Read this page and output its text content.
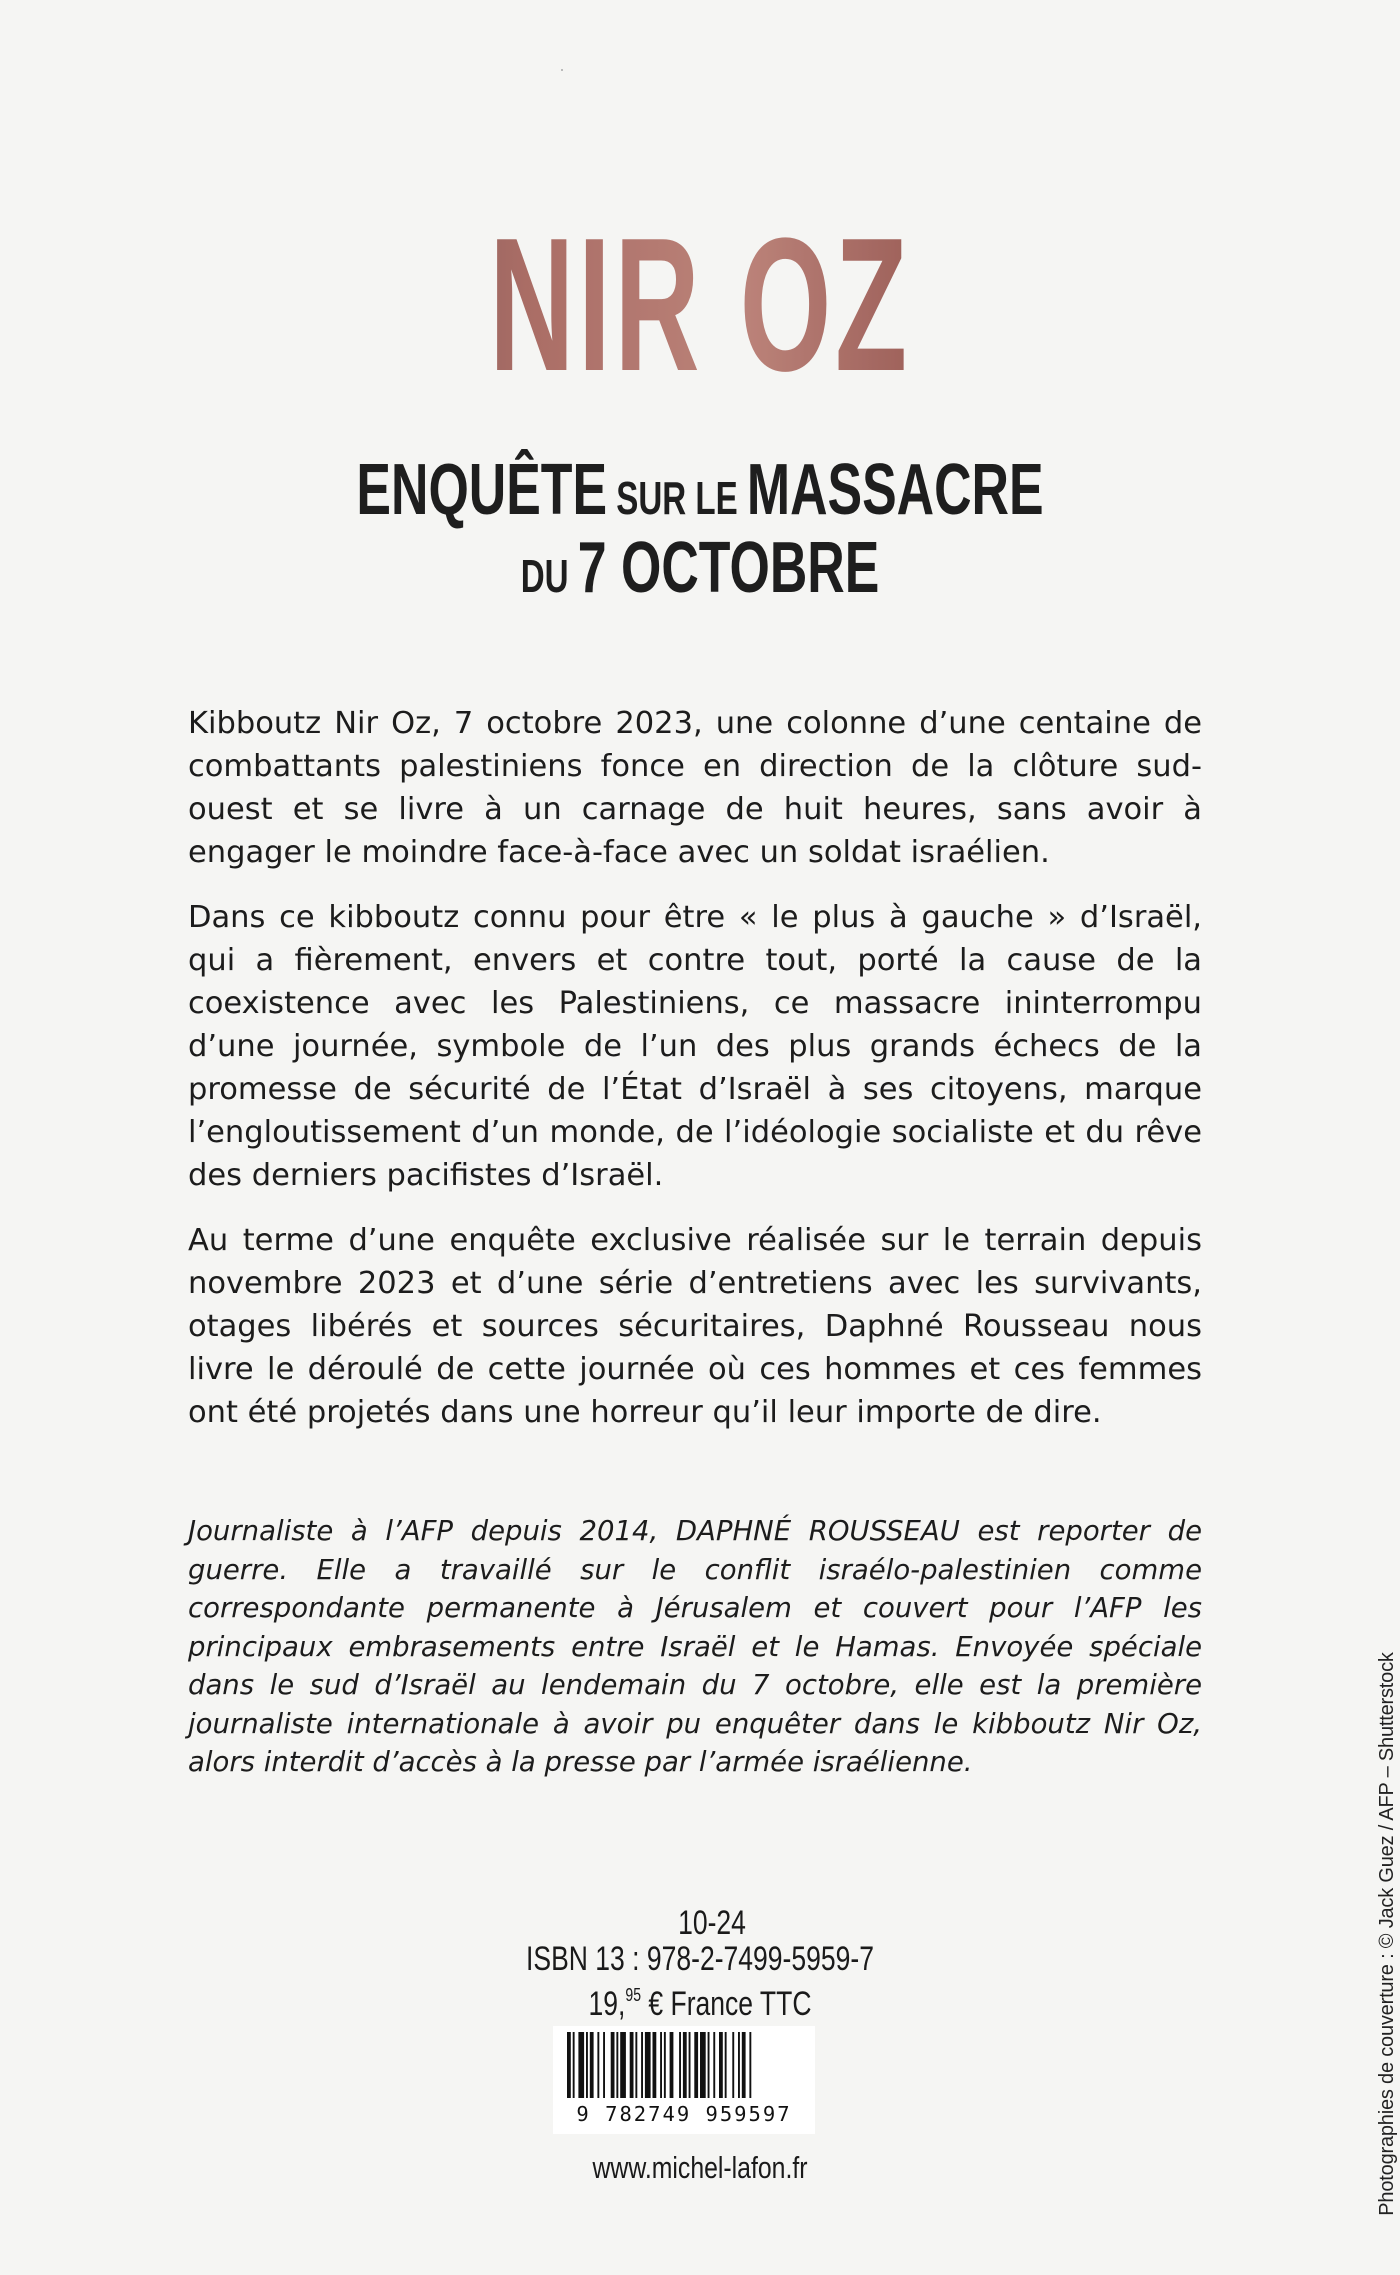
NIR OZ
ENQUÊTE SUR LE MASSACRE
DU 7 OCTOBRE

Kibboutz Nir Oz, 7 octobre 2023, une colonne d’une centaine de combattants palestiniens fonce en direction de la clôture sud-ouest et se livre à un carnage de huit heures, sans avoir à engager le moindre face-à-face avec un soldat israélien.

Dans ce kibboutz connu pour être « le plus à gauche » d’Israël, qui a fièrement, envers et contre tout, porté la cause de la coexistence avec les Palestiniens, ce massacre ininterrompu d’une journée, symbole de l’un des plus grands échecs de la promesse de sécurité de l’État d’Israël à ses citoyens, marque l’engloutissement d’un monde, de l’idéologie socialiste et du rêve des derniers pacifistes d’Israël.

Au terme d’une enquête exclusive réalisée sur le terrain depuis novembre 2023 et d’une série d’entretiens avec les survivants, otages libérés et sources sécuritaires, Daphné Rousseau nous livre le déroulé de cette journée où ces hommes et ces femmes ont été projetés dans une horreur qu’il leur importe de dire.

Journaliste à l’AFP depuis 2014, DAPHNÉ ROUSSEAU est reporter de guerre. Elle a travaillé sur le conflit israélo-palestinien comme correspondante permanente à Jérusalem et couvert pour l’AFP les principaux embrasements entre Israël et le Hamas. Envoyée spéciale dans le sud d’Israël au lendemain du 7 octobre, elle est la première journaliste internationale à avoir pu enquêter dans le kibboutz Nir Oz, alors interdit d’accès à la presse par l’armée israélienne.

10-24
ISBN 13 : 978-2-7499-5959-7
19,95 € France TTC
9 782749 959597
www.michel-lafon.fr	Photographies de couverture : © Jack Guez / AFP – Shutterstock
